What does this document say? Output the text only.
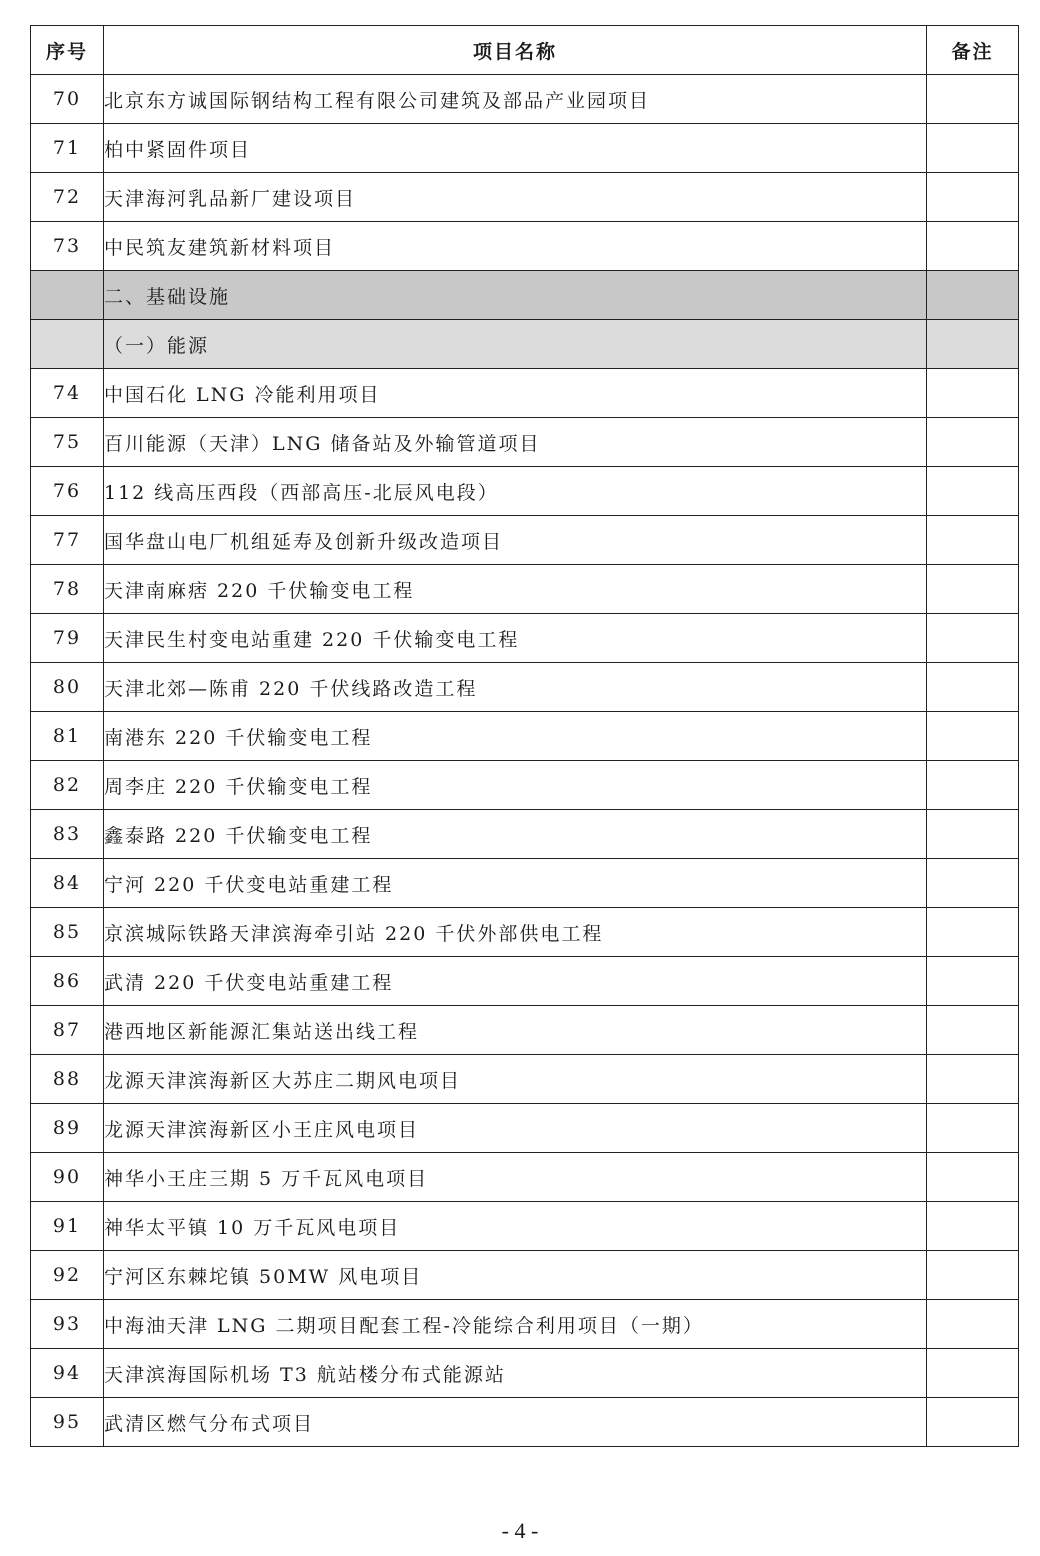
序号	项目名称	备注
70	北京东方诚国际钢结构工程有限公司建筑及部品产业园项目	
71	柏中紧固件项目	
72	天津海河乳品新厂建设项目	
73	中民筑友建筑新材料项目	
	二、基础设施	
	（一）能源	
74	中国石化 LNG 冷能利用项目	
75	百川能源（天津）LNG 储备站及外输管道项目	
76	112 线高压西段（西部高压-北辰风电段）	
77	国华盘山电厂机组延寿及创新升级改造项目	
78	天津南麻痞 220 千伏输变电工程	
79	天津民生村变电站重建 220 千伏输变电工程	
80	天津北郊—陈甫 220 千伏线路改造工程	
81	南港东 220 千伏输变电工程	
82	周李庄 220 千伏输变电工程	
83	鑫泰路 220 千伏输变电工程	
84	宁河 220 千伏变电站重建工程	
85	京滨城际铁路天津滨海牵引站 220 千伏外部供电工程	
86	武清 220 千伏变电站重建工程	
87	港西地区新能源汇集站送出线工程	
88	龙源天津滨海新区大苏庄二期风电项目	
89	龙源天津滨海新区小王庄风电项目	
90	神华小王庄三期 5 万千瓦风电项目	
91	神华太平镇 10 万千瓦风电项目	
92	宁河区东棘坨镇 50MW 风电项目	
93	中海油天津 LNG 二期项目配套工程-冷能综合利用项目（一期）	
94	天津滨海国际机场 T3 航站楼分布式能源站	
95	武清区燃气分布式项目	
- 4 -
